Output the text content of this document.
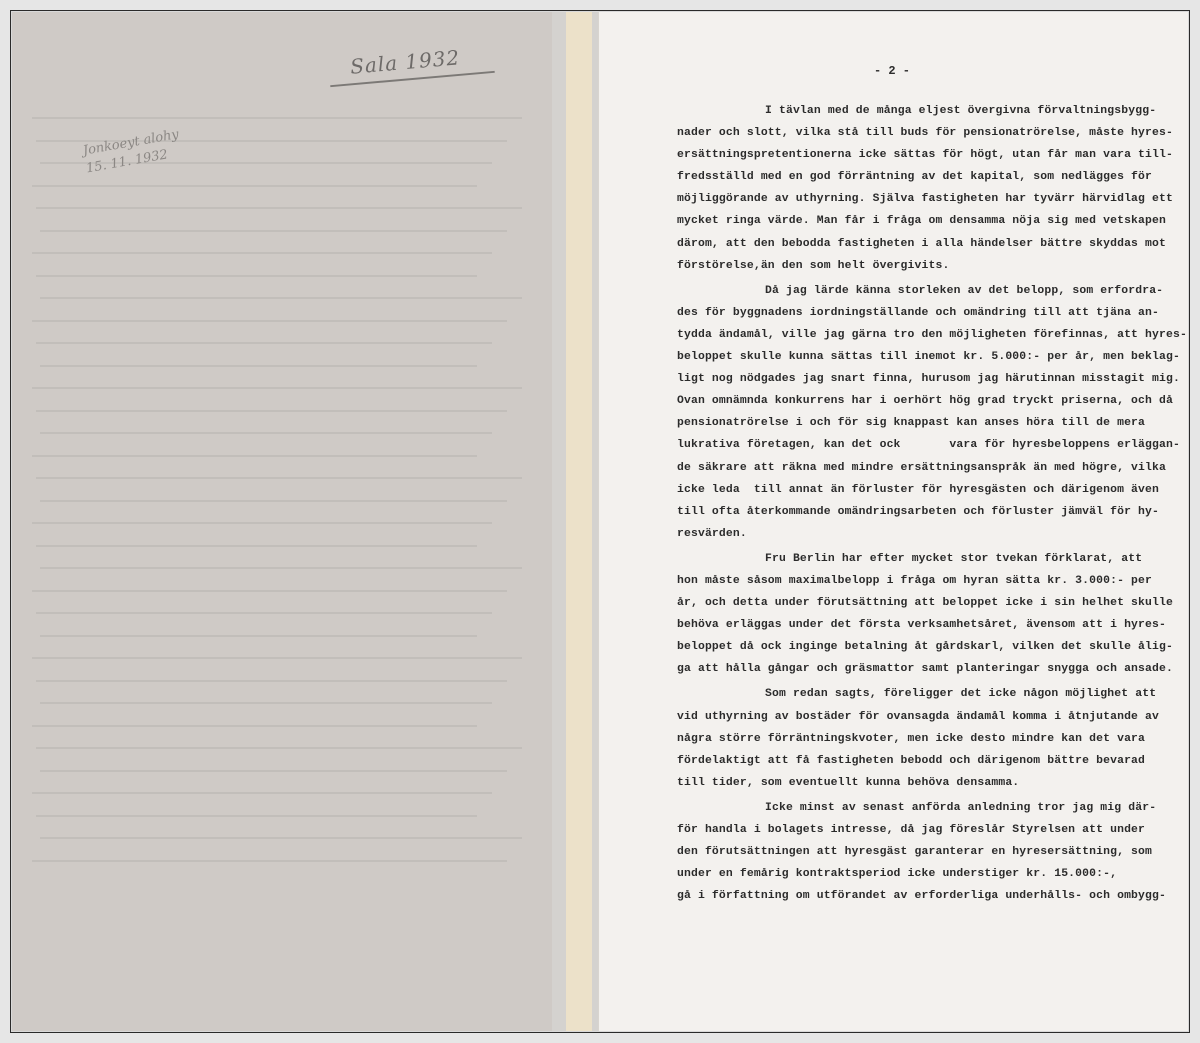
Sala 1932
Jonkoeyt alohy 15. 11. 1932
- 2 -
I tävlan med de många eljest övergivna förvaltningsbygg-
nader och slott, vilka stå till buds för pensionatrörelse, måste hyres-
ersättningspretentionerna icke sättas för högt, utan får man vara till-
fredsställd med en god förräntning av det kapital, som nedlägges för
möjliggörande av uthyrning. Själva fastigheten har tyvärr härvidlag ett
mycket ringa värde. Man får i fråga om densamma nöja sig med vetskapen
därom, att den bebodda fastigheten i alla händelser bättre skyddas mot
förstörelse,än den som helt övergivits.
Då jag lärde känna storleken av det belopp, som erfordra-
des för byggnadens iordningställande och omändring till att tjäna an-
tydda ändamål, ville jag gärna tro den möjligheten förefinnas, att hyres-
beloppet skulle kunna sättas till inemot kr. 5.000:- per år, men beklag-
ligt nog nödgades jag snart finna, hurusom jag härutinnan misstagit mig.
Ovan omnämnda konkurrens har i oerhört hög grad tryckt priserna, och då
pensionatrörelse i och för sig knappast kan anses höra till de mera
lukrativa företagen, kan det ock       vara för hyresbeloppens erläggan-
de säkrare att räkna med mindre ersättningsanspråk än med högre, vilka
icke leda  till annat än förluster för hyresgästen och därigenom även
till ofta återkommande omändringsarbeten och förluster jämväl för hy-
resvärden.
Fru Berlin har efter mycket stor tvekan förklarat, att
hon måste såsom maximalbelopp i fråga om hyran sätta kr. 3.000:- per
år, och detta under förutsättning att beloppet icke i sin helhet skulle
behöva erläggas under det första verksamhetsåret, ävensom att i hyres-
beloppet då ock inginge betalning åt gårdskarl, vilken det skulle ålig-
ga att hålla gångar och gräsmattor samt planteringar snygga och ansade.
Som redan sagts, föreligger det icke någon möjlighet att
vid uthyrning av bostäder för ovansagda ändamål komma i åtnjutande av
några större förräntningskvoter, men icke desto mindre kan det vara
fördelaktigt att få fastigheten bebodd och därigenom bättre bevarad
till tider, som eventuellt kunna behöva densamma.
Icke minst av senast anförda anledning tror jag mig där-
för handla i bolagets intresse, då jag föreslår Styrelsen att under
den förutsättningen att hyresgäst garanterar en hyresersättning, som
under en femårig kontraktsperiod icke understiger kr. 15.000:-,
gå i författning om utförandet av erforderliga underhålls- och ombygg-
